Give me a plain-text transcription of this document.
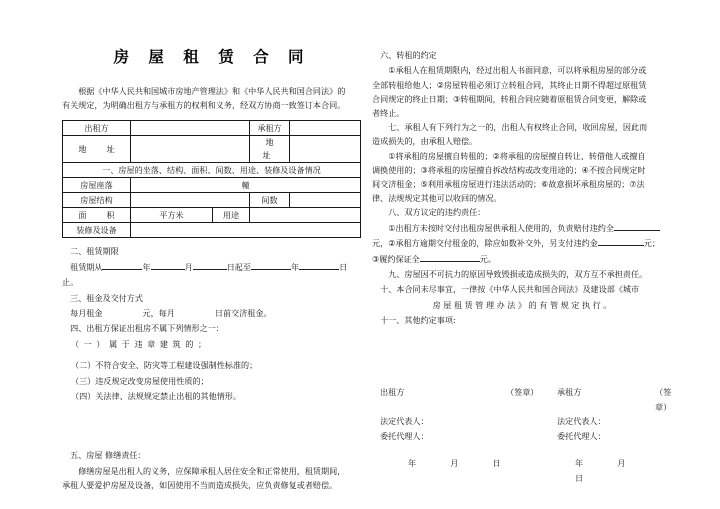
房 屋 租 赁 合 同

根据《中华人民共和国城市房地产管理法》和《中华人民共和国合同法》的

有关规定，为明确出租方与承租方的权利和义务，经双方协商一致签订本合同。

出租方			承租方	
地　址			地　址	
一、房屋的坐落、结构、面积、间数、用途、装修及设备情况				
房屋座落	幢			
房屋结构			间数	
面　积	平方米	用途		
装修及设备				

二、租赁期限

租赁期从	年	月	日起至	年	日止。

三、租金及交付方式

每月租金	元，每月	日前交济租金。

四、出租方保证出租房不属下列情形之一：

（一）属于违章建筑的；

（二）不符合安全、防灾等工程建设强制性标准的；

（三）违反规定改变房屋使用性质的；

（四）关法律、法规规定禁止出租的其他情形。

五、房屋 修缮责任：

修缮房屋是出租人的义务，应保障承租人居住安全和正常使用，租赁期间，

承租人要爱护房屋及设备，如因使用不当而造成损失，应负责修复或者赔偿。

六、转租的约定

①承租人在租赁期限内，经过出租人书面同意，可以将承租房屋的部分或

全部转租给他人；②房屋转租必须订立转租合同，其终止日期不得超过原租赁

合同规定的终止日期；③转租期间，转租合同应随着原租赁合同变更，解除或

者终止。

七、承租人有下列行为之一的，出租人有权终止合同，收回房屋，因此而

造成损失的，由承租人赔偿。

①将承租的房屋擅自转租的；②将承租的房屋擅自转让、转借他人或擅自

调换使用的；③将承租的房屋擅自拆改结构或改变用途的；④不按合同规定时

间交济租金；⑤利用承租房屋进行违法活动的；⑥故意损坏承租房屋的；⑦法

律、法规规定其他可以收回的情况。

八、双方议定的违约责任：

①出租方未按时交付出租房屋供承租人使用的，负责赔付违约全

元，②承租方逾期交付租金的，除应如数补交外，另支付违约金	元；

③履约保证全	元。

九、房屋因不可抗力的原因导致毁损或造成损失的，双方互不承担责任。

十、本合同未尽事宜，一律按《中华人民共和国合同法》及建设部《城市

房 屋 租 赁 管 理 办 法 》 的 有 管 规 定 执 行 。

十一、其他约定事项:

出租方	（签章） 承租方	（签章）
法定代表人：	法定代表人：
委托代理人：	委托代理人：
年　月　日	年　月　日
